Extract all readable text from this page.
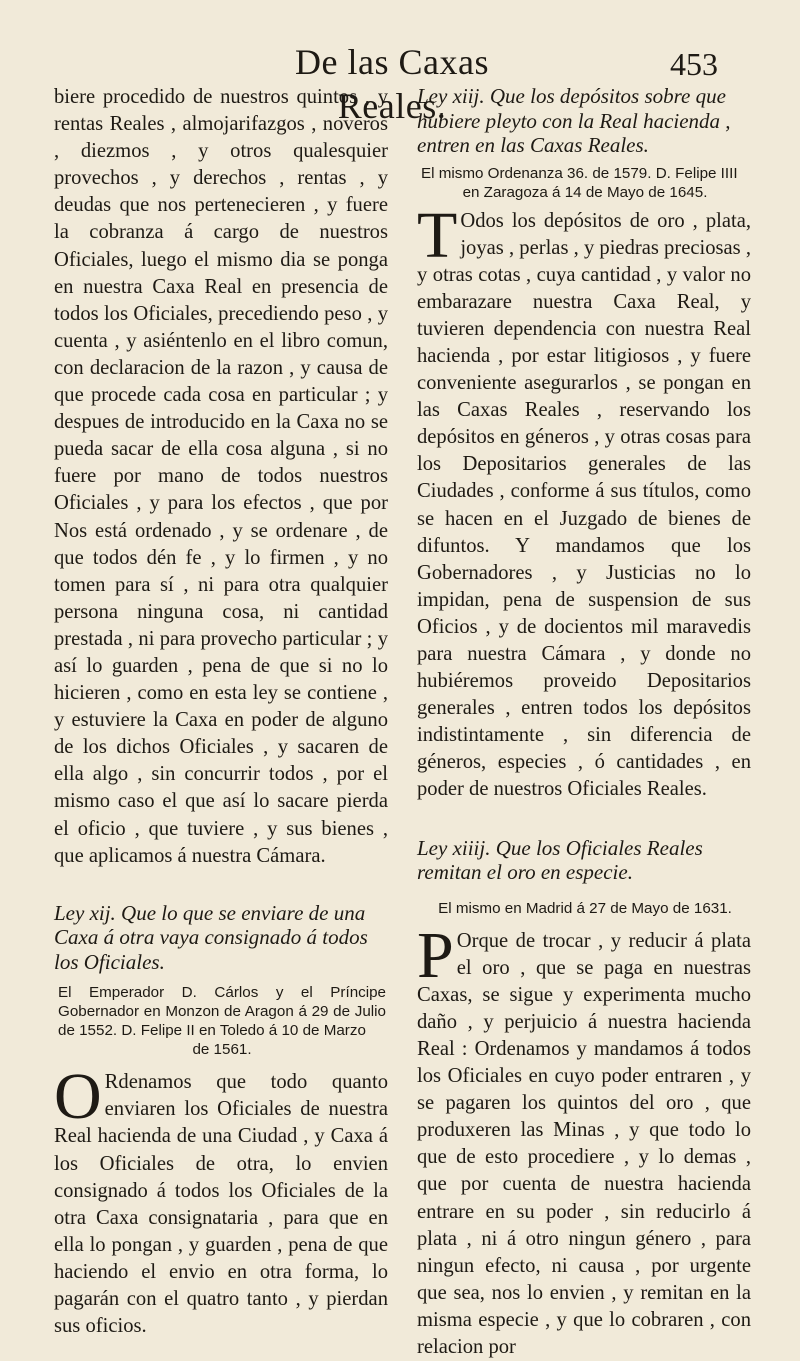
De las Caxas Reales.
453

biere procedido de nuestros quintos , y rentas Reales , almojarifazgos , noveros , diezmos , y otros qualesquier provechos , y derechos , rentas , y deudas que nos pertenecieren , y fuere la cobranza á cargo de nuestros Oficiales, luego el mismo dia se ponga en nuestra Caxa Real en presencia de todos los Oficiales, precediendo peso , y cuenta , y asiéntenlo en el libro comun, con declaracion de la razon , y causa de que procede cada cosa en particular ; y despues de introducido en la Caxa no se pueda sacar de ella cosa alguna , si no fuere por mano de todos nuestros Oficiales , y para los efectos , que por Nos está ordenado , y se ordenare , de que todos dén fe , y lo firmen , y no tomen para sí , ni para otra qualquier persona ninguna cosa, ni cantidad prestada , ni para provecho particular ; y así lo guarden , pena de que si no lo hicieren , como en esta ley se contiene , y estuviere la Caxa en poder de alguno de los dichos Oficiales , y sacaren de ella algo , sin concurrir todos , por el mismo caso el que así lo sacare pierda el oficio , que tuviere , y sus bienes , que aplicamos á nuestra Cámara.

Ley xij. Que lo que se enviare de una Caxa á otra vaya consignado á todos los Oficiales.

El Emperador D. Cárlos y el Príncipe Gobernador en Monzon de Aragon á 29 de Julio de 1552. D. Felipe II en Toledo á 10 de Marzo

de 1561.

O Rdenamos que todo quanto enviaren los Oficiales de nuestra Real hacienda de una Ciudad , y Caxa á los Oficiales de otra, lo envien consignado á todos los Oficiales de la otra Caxa consignataria , para que en ella lo pongan , y guarden , pena de que haciendo el envio en otra forma, lo pagarán con el quatro tanto , y pierdan sus oficios.

Ley xiij. Que los depósitos sobre que hubiere pleyto con la Real hacienda , entren en las Caxas Reales.

El mismo Ordenanza 36. de 1579. D. Felipe IIII

en Zaragoza á 14 de Mayo de 1645.

T Odos los depósitos de oro , plata, joyas , perlas , y piedras preciosas , y otras cotas , cuya cantidad , y valor no embarazare nuestra Caxa Real, y tuvieren dependencia con nuestra Real hacienda , por estar litigiosos , y fuere conveniente asegurarlos , se pongan en las Caxas Reales , reservando los depósitos en géneros , y otras cosas para los Depositarios generales de las Ciudades , conforme á sus títulos, como se hacen en el Juzgado de bienes de difuntos. Y mandamos que los Gobernadores , y Justicias no lo impidan, pena de suspension de sus Oficios , y de docientos mil maravedis para nuestra Cámara , y donde no hubiéremos proveido Depositarios generales , entren todos los depósitos indistintamente , sin diferencia de géneros, especies , ó cantidades , en poder de nuestros Oficiales Reales.

Ley xiiij. Que los Oficiales Reales remitan el oro en especie.

El mismo en Madrid á 27 de Mayo de 1631.

P Orque de trocar , y reducir á plata el oro , que se paga en nuestras Caxas, se sigue y experimenta mucho daño , y perjuicio á nuestra hacienda Real : Ordenamos y mandamos á todos los Oficiales en cuyo poder entraren , y se pagaren los quintos del oro , que produxeren las Minas , y que todo lo que de esto procediere , y lo demas , que por cuenta de nuestra hacienda entrare en su poder , sin reducirlo á plata , ni á otro ningun género , para ningun efecto, ni causa , por urgente que sea, nos lo envien , y remitan en la misma especie , y que lo cobraren , con relacion por
